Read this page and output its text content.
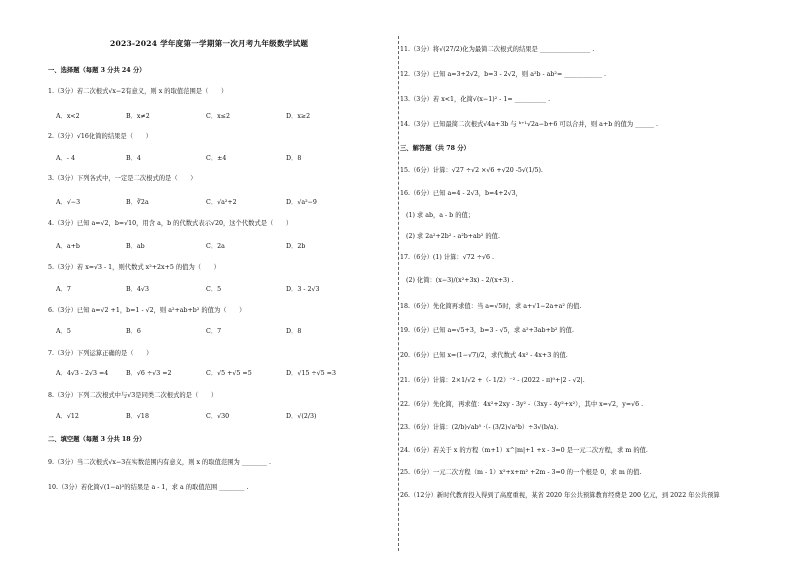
2023-2024 学年度第一学期第一次月考九年级数学试题
一、选择题（每题 3 分共 24 分）
1.（3分）若二次根式√x−2有意义，则 x 的取值范围是（　　）
2.（3分）√16化简的结果是（　　）
3.（3分）下列各式中，一定是二次根式的是（　　）
4.（3分）已知 a=√2，b=√10，用含 a，b 的代数式表示√20，这个代数式是（　　）
5.（3分）若 x=√3 - 1，则代数式 x²+2x+5 的值为（　　）
6.（3分）已知 a=√2 +1，b=1 - √2，则 a²+ab+b² 的值为（　　）
7.（3分）下列运算正确的是（　　）
8.（3分）下列二次根式中与√3是同类二次根式的是（　　）
二、填空题（每题 3 分共 18 分）
9.（3分）当二次根式√x−3在实数范围内有意义，则 x 的取值范围为 ________ .
10.（3分）若化简√(1−a)²的结果是 a - 1，求 a 的取值范围 ________ .
A．x<2	B．x≠2	C．x≤2	D．x≥2
A．- 4	B．4	C．±4	D．8
A．√−3	B．∛2a	C．√a²+2	D．√a²−9
A．a+b	B．ab	C．2a	D．2b
A．7	B．4√3	C．5	D．3 - 2√3
A．5	B．6	C．7	D．8
A．4√3 - 2√3 =4	B．√6 ÷√3 =2	C．√5 +√5 =5	D．√15 ÷√5 =3
A．√12	B．√18	C．√30	D．√(2/3)
11.（3分）将√(27/2)化为最简二次根式的结果是 ________________ .
12.（3分）已知 a=3+2√2，b=3 - 2√2，则 a²b - ab²= ____________ .
13.（3分）若 x<1，化简√(x−1)² - 1= __________ .
14.（3分）已知最简二次根式√4a+3b 与 ᵇ⁺¹√2a−b+6 可以合并，则 a+b 的值为 ______ .
三、解答题（共 78 分）
15.（6分）计算：√27 ÷√2 ×√6 +√20 -5√(1/5).
16.（6分）已知 a=4 - 2√3，b=4+2√3，
(1) 求 ab，a - b 的值；
(2) 求 2a²+2b² - a²b+ab² 的值.
17.（6分）(1) 计算：√72 ÷√6 .
(2) 化简：(x−3)/(x²+3x) - 2/(x+3) .
18.（6分）先化简再求值：当 a=√5时，求 a+√1−2a+a² 的值.
19.（6分）已知 a=√5+3，b=3 - √5，求 a²+3ab+b² 的值.
20.（6分）已知 x=(1−√7)/2，求代数式 4x² - 4x+3 的值.
21.（6分）计算：2×1/√2 +（- 1/2）⁻² - (2022 - π)⁰+|2 - √2|.
22.（6分）先化简，再求值：4x²+2xy - 3y² -（3xy - 4y²+x²），其中 x=√2，y=√6 .
23.（6分）计算：(2/b)√ab⁵ ·（- (3/2)√a³b）÷3√(b/a).
24.（6分）若关于 x 的方程（m+1）x^|m|+1 +x - 3=0 是一元二次方程，求 m 的值.
25.（6分）一元二次方程（m - 1）x²+x+m² +2m - 3=0 的一个根是 0，求 m 的值.
26.（12分）新时代教育投入得到了高度重视，某省 2020 年公共预算教育经费是 200 亿元，到 2022 年公共预算
